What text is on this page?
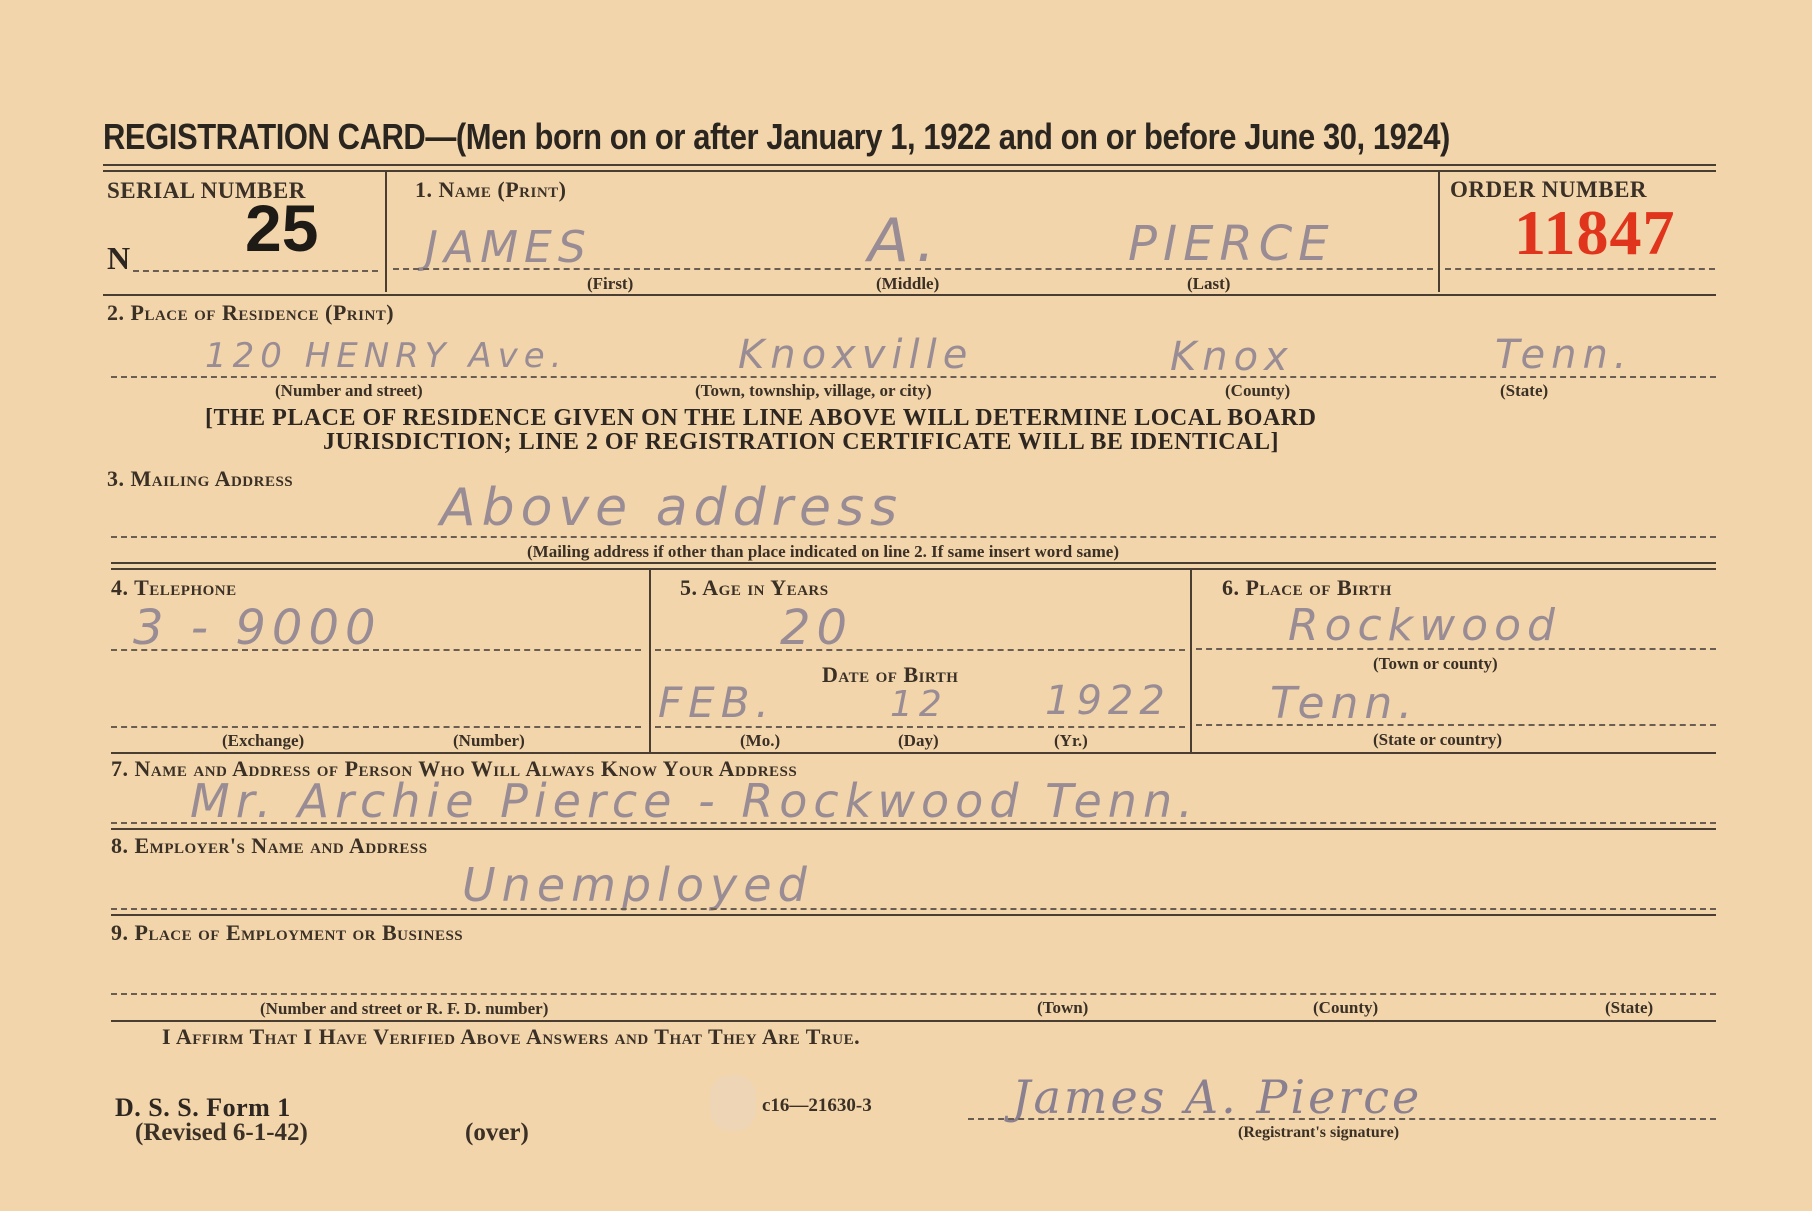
REGISTRATION CARD—(Men born on or after January 1, 1922 and on or before June 30, 1924)
SERIAL NUMBER
N 25
1. Name (Print)
JAMES	A.	PIERCE
(First)	(Middle)	(Last)
ORDER NUMBER
11847
2. Place of Residence (Print)
120 HENRY Ave.	Knoxville	Knox	Tenn.
(Number and street)	(Town, township, village, or city)	(County)	(State)
[THE PLACE OF RESIDENCE GIVEN ON THE LINE ABOVE WILL DETERMINE LOCAL BOARD
JURISDICTION; LINE 2 OF REGISTRATION CERTIFICATE WILL BE IDENTICAL]
3. Mailing Address	Above address
(Mailing address if other than place indicated on line 2. If same insert word same)
4. Telephone
3 - 9000
(Exchange)	(Number)
5. Age in Years
20
Date of Birth
FEB.	12 1922
(Mo.)	(Day)	(Yr.)
6. Place of Birth
Rockwood
(Town or county)
Tenn.
(State or country)
7. Name and Address of Person Who Will Always Know Your Address
Mr. Archie Pierce - Rockwood Tenn.
8. Employer's Name and Address
Unemployed
9. Place of Employment or Business
(Number and street or R. F. D. number)	(Town)	(County)	(State)
I Affirm That I Have Verified Above Answers and That They Are True.
D. S. S. Form 1
(Revised 6-1-42)	(over)
c16—21630-3	James A. Pierce
(Registrant's signature)
